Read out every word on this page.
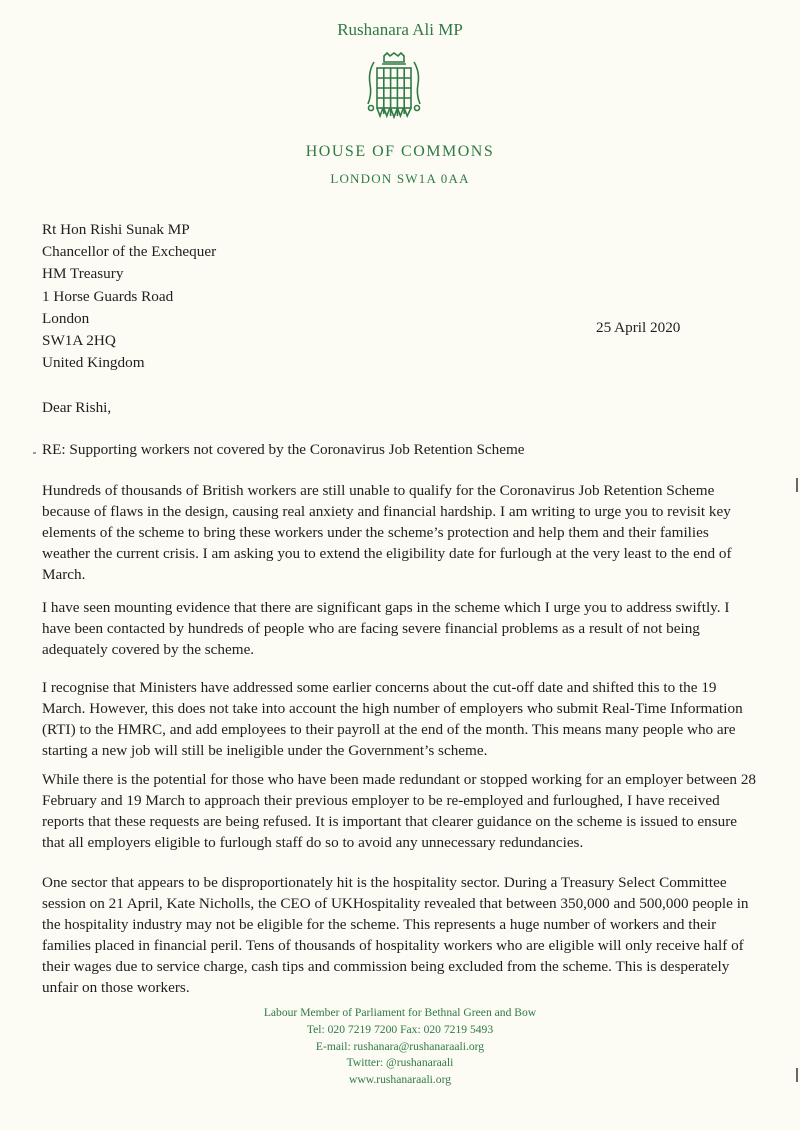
Rushanara Ali MP
HOUSE OF COMMONS
LONDON SW1A 0AA
Rt Hon Rishi Sunak MP
Chancellor of the Exchequer
HM Treasury
1 Horse Guards Road
London
SW1A 2HQ
United Kingdom
25 April 2020
Dear Rishi,
RE: Supporting workers not covered by the Coronavirus Job Retention Scheme
Hundreds of thousands of British workers are still unable to qualify for the Coronavirus Job Retention Scheme because of flaws in the design, causing real anxiety and financial hardship. I am writing to urge you to revisit key elements of the scheme to bring these workers under the scheme’s protection and help them and their families weather the current crisis. I am asking you to extend the eligibility date for furlough at the very least to the end of March.
I have seen mounting evidence that there are significant gaps in the scheme which I urge you to address swiftly. I have been contacted by hundreds of people who are facing severe financial problems as a result of not being adequately covered by the scheme.
I recognise that Ministers have addressed some earlier concerns about the cut-off date and shifted this to the 19 March. However, this does not take into account the high number of employers who submit Real-Time Information (RTI) to the HMRC, and add employees to their payroll at the end of the month. This means many people who are starting a new job will still be ineligible under the Government’s scheme.
While there is the potential for those who have been made redundant or stopped working for an employer between 28 February and 19 March to approach their previous employer to be re-employed and furloughed, I have received reports that these requests are being refused. It is important that clearer guidance on the scheme is issued to ensure that all employers eligible to furlough staff do so to avoid any unnecessary redundancies.
One sector that appears to be disproportionately hit is the hospitality sector. During a Treasury Select Committee session on 21 April, Kate Nicholls, the CEO of UKHospitality revealed that between 350,000 and 500,000 people in the hospitality industry may not be eligible for the scheme. This represents a huge number of workers and their families placed in financial peril. Tens of thousands of hospitality workers who are eligible will only receive half of their wages due to service charge, cash tips and commission being excluded from the scheme. This is desperately unfair on those workers.
Labour Member of Parliament for Bethnal Green and Bow
Tel: 020 7219 7200 Fax: 020 7219 5493
E-mail: rushanara@rushanaraali.org
Twitter: @rushanaraali
www.rushanaraali.org
